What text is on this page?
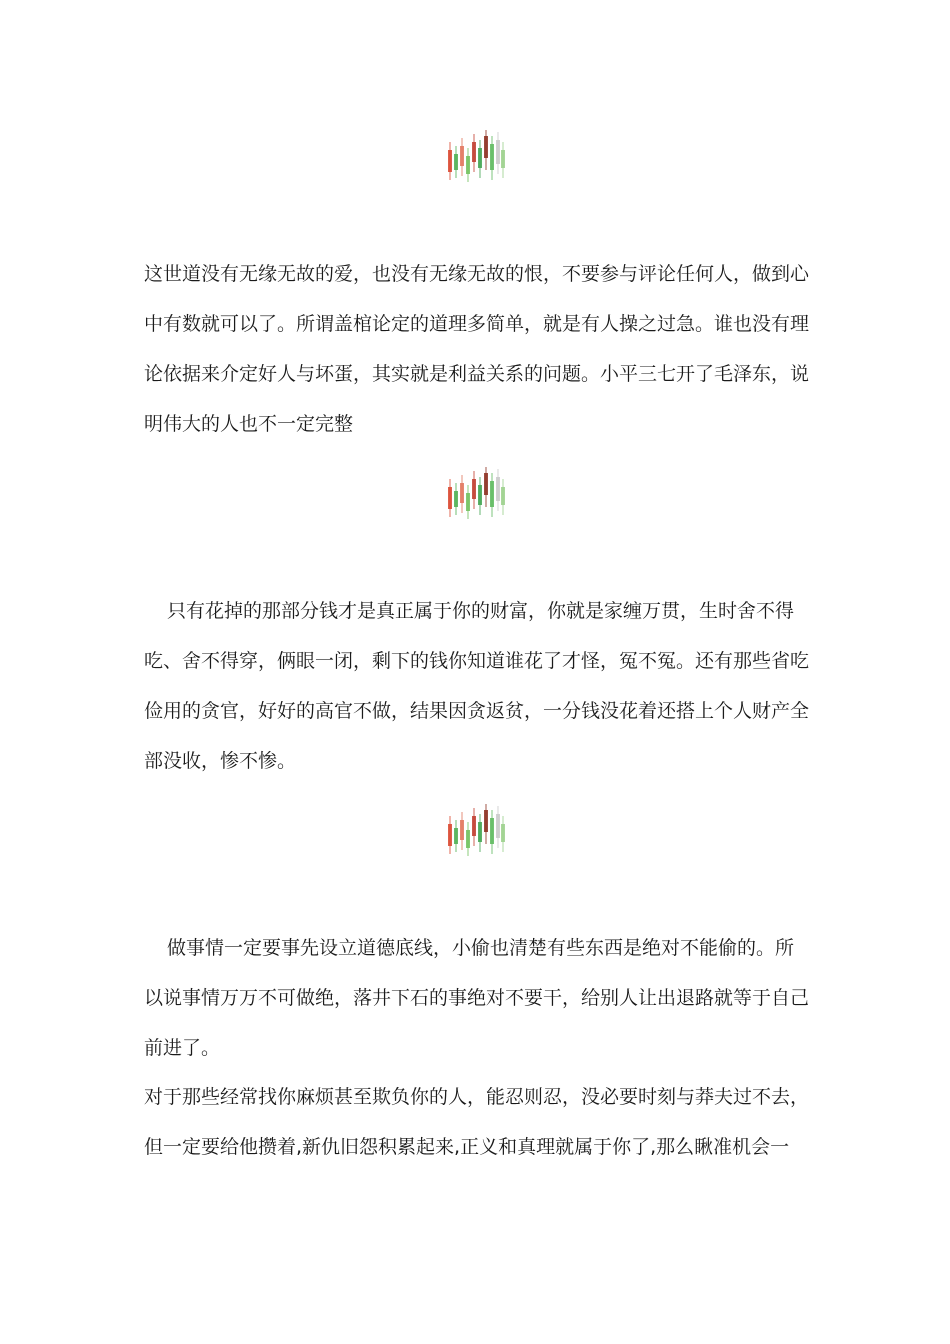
这世道没有无缘无故的爱，也没有无缘无故的恨，不要参与评论任何人，做到心中有数就可以了。所谓盖棺论定的道理多简单，就是有人操之过急。谁也没有理论依据来介定好人与坏蛋，其实就是利益关系的问题。小平三七开了毛泽东，说明伟大的人也不一定完整

只有花掉的那部分钱才是真正属于你的财富，你就是家缠万贯，生时舍不得吃、舍不得穿，俩眼一闭，剩下的钱你知道谁花了才怪，冤不冤。还有那些省吃俭用的贪官，好好的高官不做，结果因贪返贫，一分钱没花着还搭上个人财产全部没收，惨不惨。

做事情一定要事先设立道德底线，小偷也清楚有些东西是绝对不能偷的。所以说事情万万不可做绝，落井下石的事绝对不要干，给别人让出退路就等于自己前进了。

对于那些经常找你麻烦甚至欺负你的人，能忍则忍，没必要时刻与莽夫过不去，但一定要给他攒着,新仇旧怨积累起来,正义和真理就属于你了,那么瞅准机会一
